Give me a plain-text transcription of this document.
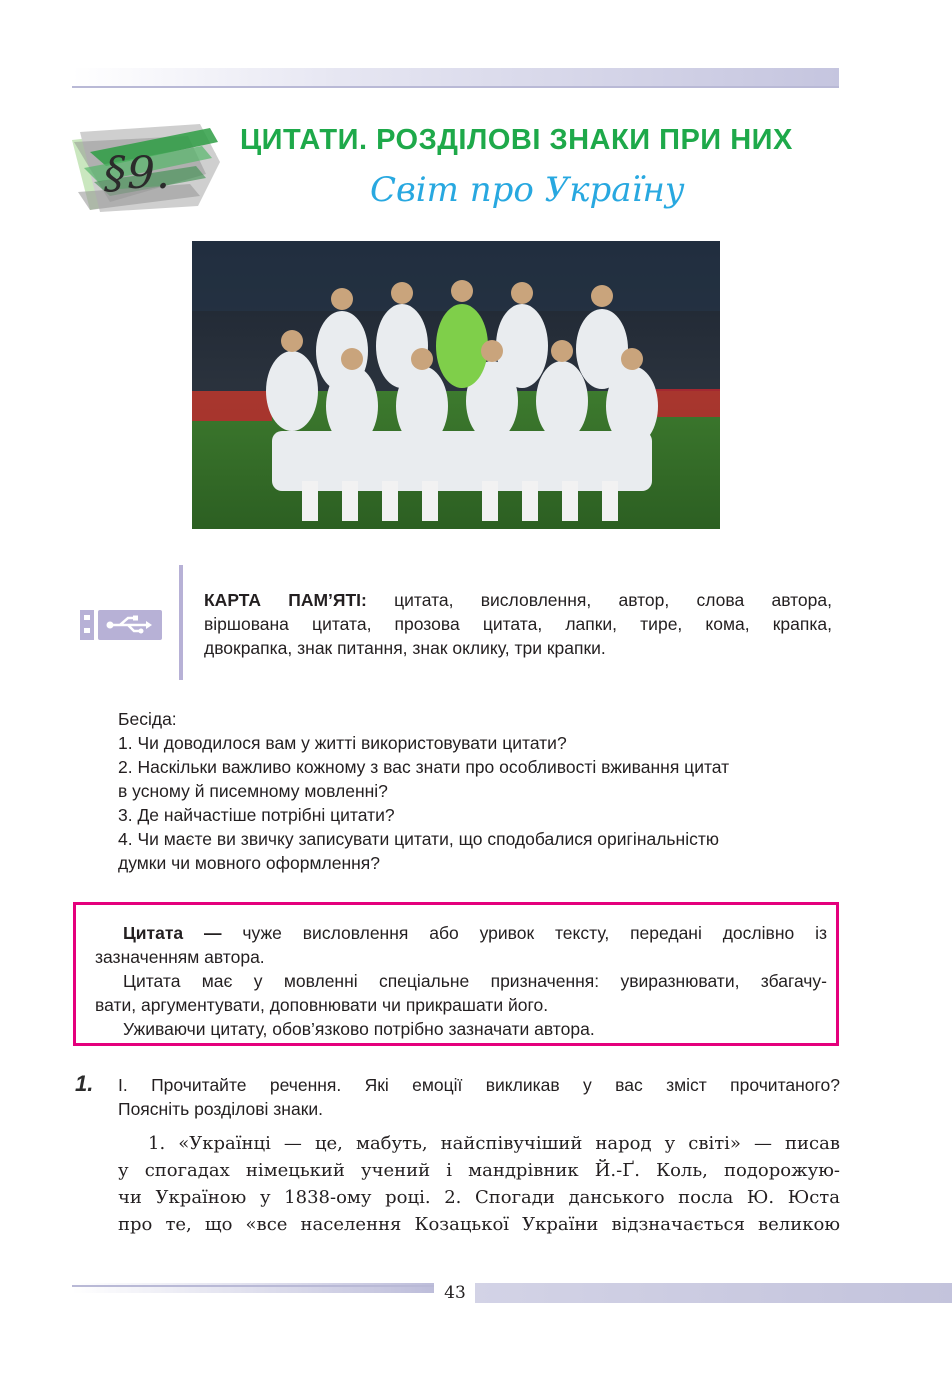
§9.
ЦИТАТИ. РОЗДІЛОВІ ЗНАКИ ПРИ НИХ
Світ про Україну
КАРТА ПАМ’ЯТІ: цитата, висловлення, автор, слова автора,
віршована цитата, прозова цитата, лапки, тире, кома, крапка,
двокрапка, знак питання, знак оклику, три крапки.
Бесіда:
1. Чи доводилося вам у житті використовувати цитати?
2. Наскільки важливо кожному з вас знати про особливості вживання цитат
в усному й писемному мовленні?
3. Де найчастіше потрібні цитати?
4. Чи маєте ви звичку записувати цитати, що сподобалися оригінальністю
думки чи мовного оформлення?
Цитата — чуже висловлення або уривок тексту, передані дослівно із
зазначенням автора.
Цитата має у мовленні спеціальне призначення: увиразнювати, збагачу-
вати, аргументувати, доповнювати чи прикрашати його.
Уживаючи цитату, обов’язково потрібно зазначати автора.
1. І. Прочитайте речення. Які емоції викликав у вас зміст прочитаного?
Поясніть розділові знаки.
1. «Українці — це, мабуть, найспівучіший народ у світі» — писав
у спогадах німецький учений і мандрівник Й.-Ґ. Коль, подорожую-
чи Україною у 1838-ому році. 2. Спогади данського посла Ю. Юста
про те, що «все населення Козацької України відзначається великою
43
